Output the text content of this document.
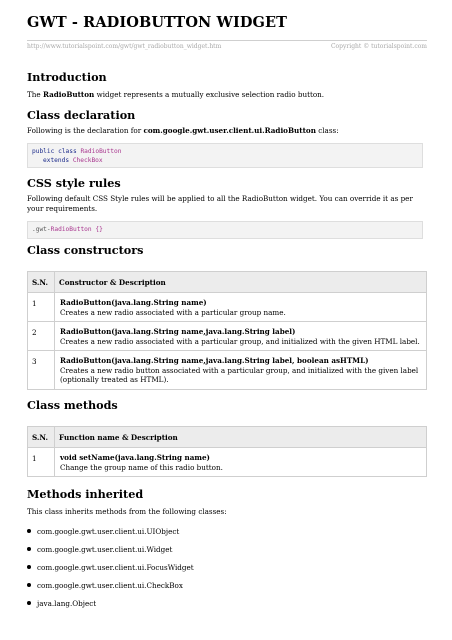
GWT - RADIOBUTTON WIDGET
http://www.tutorialspoint.com/gwt/gwt_radiobutton_widget.htm	Copyright © tutorialspoint.com
Introduction

The RadioButton widget represents a mutually exclusive selection radio button.

Class declaration

Following is the declaration for com.google.gwt.user.client.ui.RadioButton class:

public class RadioButton
extends CheckBox
CSS style rules

Following default CSS Style rules will be applied to all the RadioButton widget. You can override it as per your requirements.

.gwt-RadioButton {}
Class constructors
S.N.	Constructor & Description
1	RadioButton(java.lang.String name)
Creates a new radio associated with a particular group name.
2	RadioButton(java.lang.String name,java.lang.String label)
Creates a new radio associated with a particular group, and initialized with the given HTML label.
3	RadioButton(java.lang.String name,java.lang.String label, boolean asHTML)
Creates a new radio button associated with a particular group, and initialized with the given label (optionally treated as HTML).
Class methods
S.N.	Function name & Description
1	void setName(java.lang.String name)
Change the group name of this radio button.
Methods inherited

This class inherits methods from the following classes:

com.google.gwt.user.client.ui.UIObject
com.google.gwt.user.client.ui.Widget
com.google.gwt.user.client.ui.FocusWidget
com.google.gwt.user.client.ui.CheckBox
java.lang.Object
